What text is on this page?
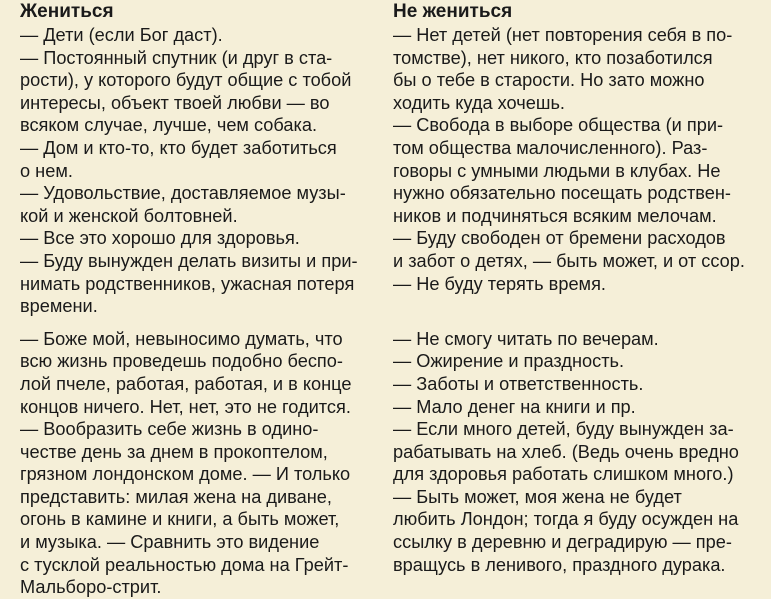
Жениться
— Дети (если Бог даст).
— Постоянный спутник (и друг в ста-
рости), у которого будут общие с тобой
интересы, объект твоей любви — во
всяком случае, лучше, чем собака.
— Дом и кто-то, кто будет заботиться
о нем.
— Удовольствие, доставляемое музы-
кой и женской болтовней.
— Все это хорошо для здоровья.
— Буду вынужден делать визиты и при-
нимать родственников, ужасная потеря
времени.
— Боже мой, невыносимо думать, что
всю жизнь проведешь подобно беспо-
лой пчеле, работая, работая, и в конце
концов ничего. Нет, нет, это не годится.
— Вообразить себе жизнь в одино-
честве день за днем в прокоптелом,
грязном лондонском доме. — И только
представить: милая жена на диване,
огонь в камине и книги, а быть может,
и музыка. — Сравнить это видение
с тусклой реальностью дома на Грейт-
Мальборо-стрит.
Не жениться
— Нет детей (нет повторения себя в по-
томстве), нет никого, кто позаботился
бы о тебе в старости. Но зато можно
ходить куда хочешь.
— Свобода в выборе общества (и при-
том общества малочисленного). Раз-
говоры с умными людьми в клубах. Не
нужно обязательно посещать родствен-
ников и подчиняться всяким мелочам.
— Буду свободен от бремени расходов
и забот о детях, — быть может, и от ссор.
— Не буду терять время.
— Не смогу читать по вечерам.
— Ожирение и праздность.
— Заботы и ответственность.
— Мало денег на книги и пр.
— Если много детей, буду вынужден за-
рабатывать на хлеб. (Ведь очень вредно
для здоровья работать слишком много.)
— Быть может, моя жена не будет
любить Лондон; тогда я буду осужден на
ссылку в деревню и деградирую — пре-
вращусь в ленивого, праздного дурака.
